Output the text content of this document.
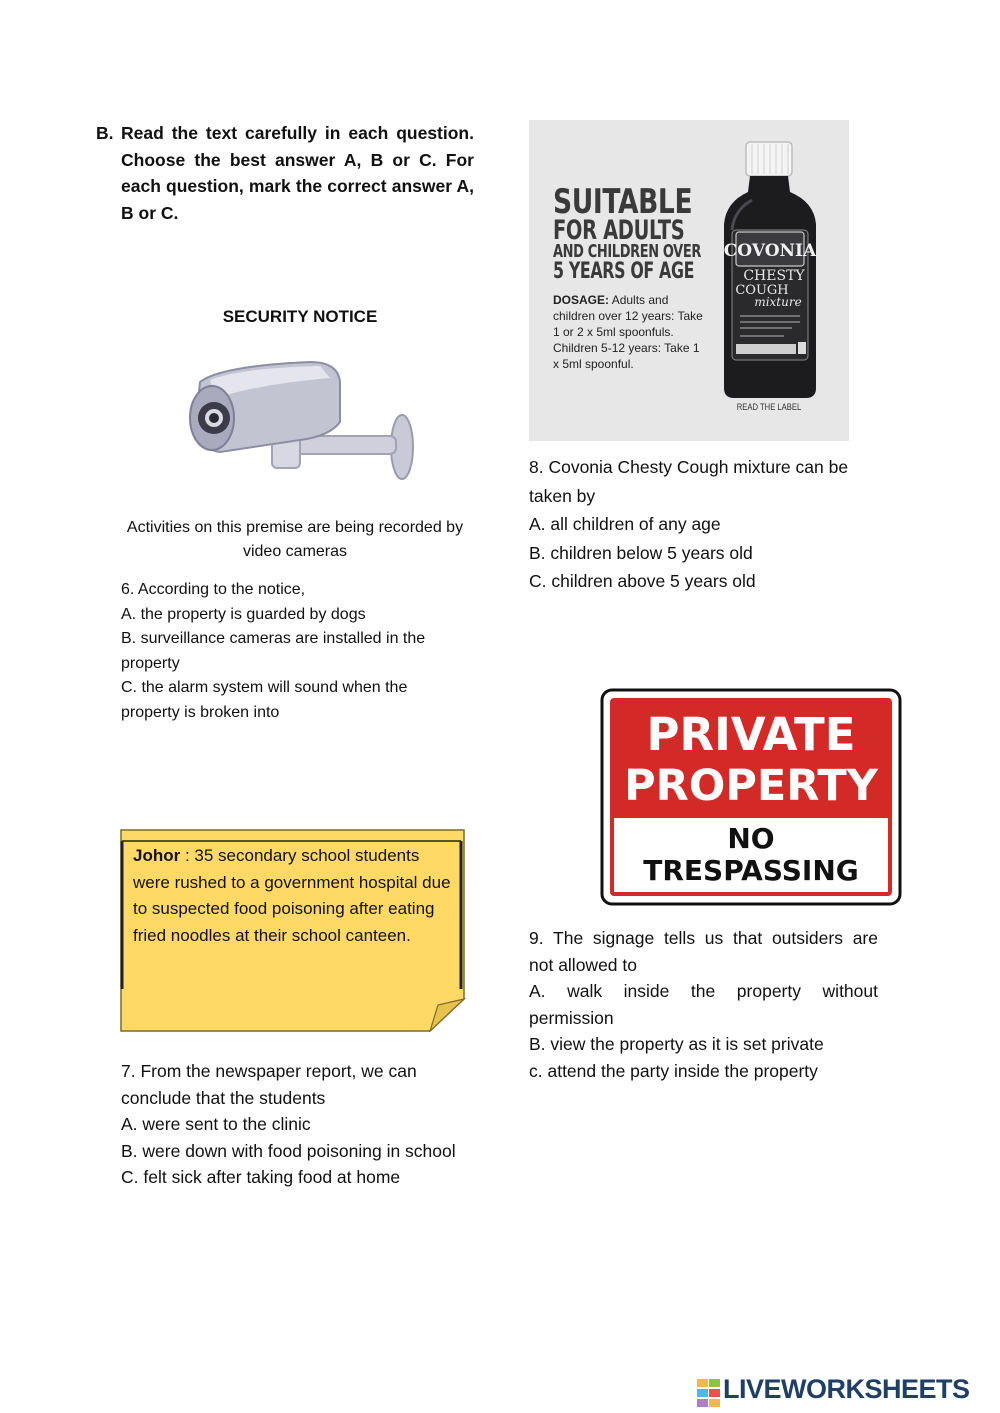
B. Read the text carefully in each question. Choose the best answer A, B or C. For each question, mark the correct answer A, B or C.
SECURITY NOTICE
Activities on this premise are being recorded by video cameras
6. According to the notice,
A. the property is guarded by dogs
B. surveillance cameras are installed in the property
C. the alarm system will sound when the property is broken into
Johor : 35 secondary school students were rushed to a government hospital due to suspected food poisoning after eating fried noodles at their school canteen.
7. From the newspaper report, we can conclude that the students
A. were sent to the clinic
B. were down with food poisoning in school
C. felt sick after taking food at home
SUITABLE
FOR ADULTS
AND CHILDREN OVER
5 YEARS OF AGE
DOSAGE: Adults and children over 12 years: Take 1 or 2 x 5ml spoonfuls. Children 5-12 years: Take 1 x 5ml spoonful.
COVONIA
CHESTY
COUGH
mixture
READ THE LABEL
8. Covonia Chesty Cough mixture can be taken by
A. all children of any age
B. children below 5 years old
C. children above 5 years old
PRIVATE
PROPERTY
NO
TRESPASSING
9. The signage tells us that outsiders are
not allowed to
A. walk inside the property without
permission
B. view the property as it is set private
c. attend the party inside the property
LIVEWORKSHEETS
